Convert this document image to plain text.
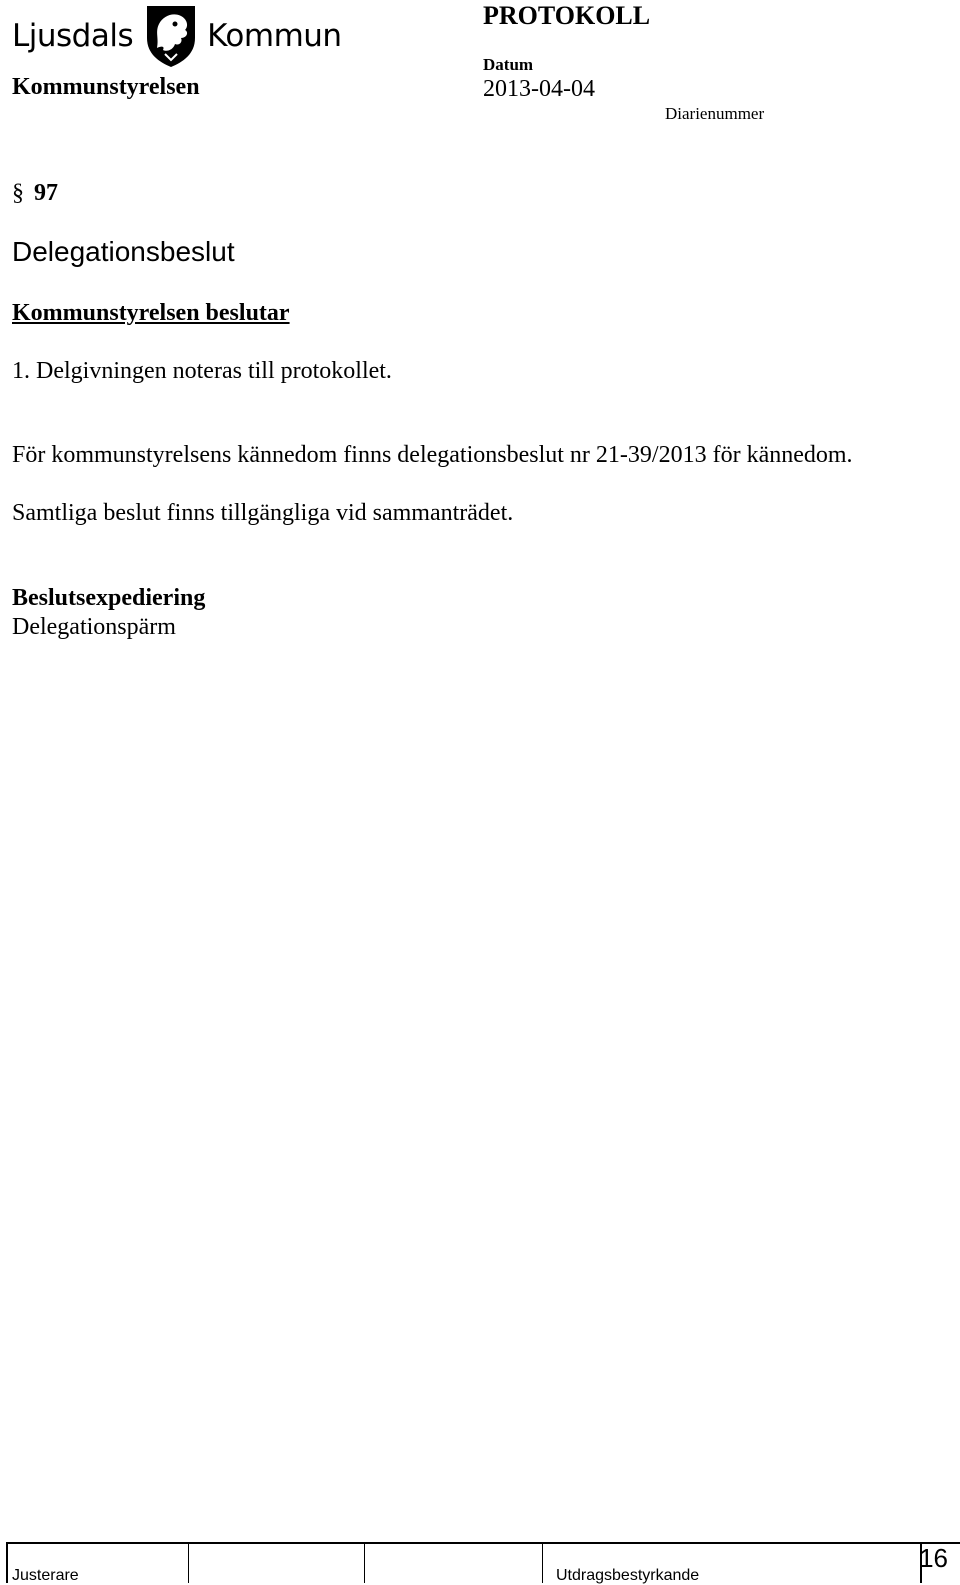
Ljusdals Kommun
PROTOKOLL
Kommunstyrelsen
Datum
2013-04-04
Diarienummer
§ 97
Delegationsbeslut
Kommunstyrelsen beslutar
1. Delgivningen noteras till protokollet.
För kommunstyrelsens kännedom finns delegationsbeslut nr 21-39/2013 för kännedom.
Samtliga beslut finns tillgängliga vid sammanträdet.
Beslutsexpediering
Delegationspärm
Justerare	Utdragsbestyrkande
16
